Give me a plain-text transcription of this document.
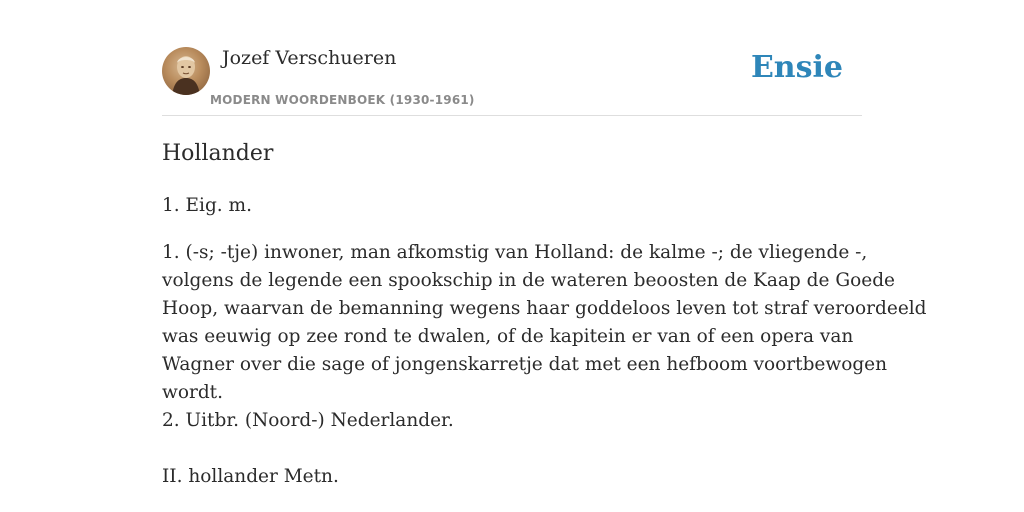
Jozef Verschueren
MODERN WOORDENBOEK (1930-1961)
Ensie
Hollander

1. Eig. m.

1. (-s; -tje) inwoner, man afkomstig van Holland: de kalme -; de vliegende -,
volgens de legende een spookschip in de wateren beoosten de Kaap de Goede
Hoop, waarvan de bemanning wegens haar goddeloos leven tot straf veroordeeld
was eeuwig op zee rond te dwalen, of de kapitein er van of een opera van
Wagner over die sage of jongenskarretje dat met een hefboom voortbewogen
wordt.
2. Uitbr. (Noord-) Nederlander.

II. hollander Metn.
